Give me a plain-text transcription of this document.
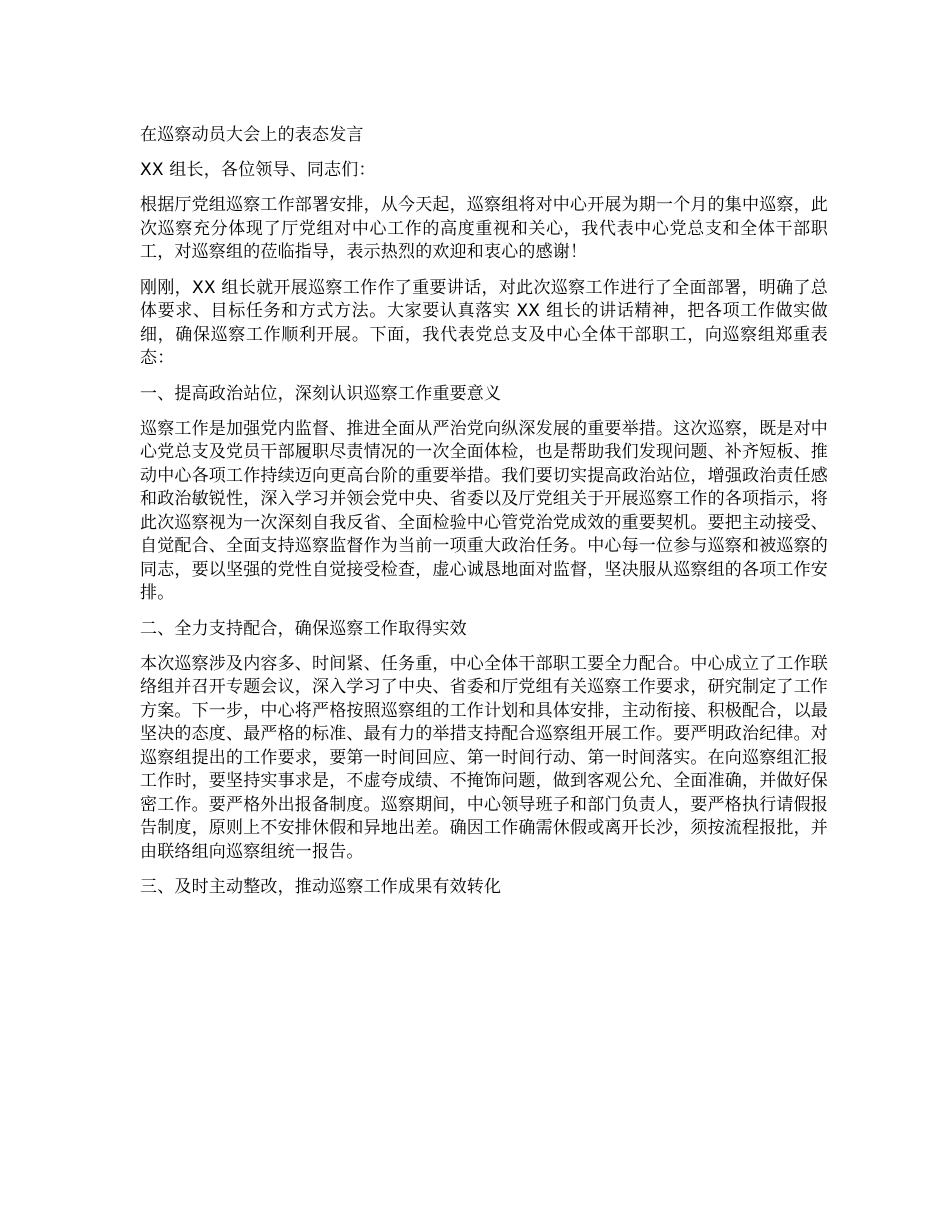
在巡察动员大会上的表态发言
XX 组长，各位领导、同志们：
根据厅党组巡察工作部署安排，从今天起，巡察组将对中心开展为期一个月的集中巡察，此次巡察充分体现了厅党组对中心工作的高度重视和关心，我代表中心党总支和全体干部职工，对巡察组的莅临指导，表示热烈的欢迎和衷心的感谢！
刚刚，XX 组长就开展巡察工作作了重要讲话，对此次巡察工作进行了全面部署，明确了总体要求、目标任务和方式方法。大家要认真落实 XX 组长的讲话精神，把各项工作做实做细，确保巡察工作顺利开展。下面，我代表党总支及中心全体干部职工，向巡察组郑重表态：
一、提高政治站位，深刻认识巡察工作重要意义
巡察工作是加强党内监督、推进全面从严治党向纵深发展的重要举措。这次巡察，既是对中心党总支及党员干部履职尽责情况的一次全面体检，也是帮助我们发现问题、补齐短板、推动中心各项工作持续迈向更高台阶的重要举措。我们要切实提高政治站位，增强政治责任感和政治敏锐性，深入学习并领会党中央、省委以及厅党组关于开展巡察工作的各项指示，将此次巡察视为一次深刻自我反省、全面检验中心管党治党成效的重要契机。要把主动接受、自觉配合、全面支持巡察监督作为当前一项重大政治任务。中心每一位参与巡察和被巡察的同志，要以坚强的党性自觉接受检查，虚心诚恳地面对监督，坚决服从巡察组的各项工作安排。
二、全力支持配合，确保巡察工作取得实效
本次巡察涉及内容多、时间紧、任务重，中心全体干部职工要全力配合。中心成立了工作联络组并召开专题会议，深入学习了中央、省委和厅党组有关巡察工作要求，研究制定了工作方案。下一步，中心将严格按照巡察组的工作计划和具体安排，主动衔接、积极配合，以最坚决的态度、最严格的标准、最有力的举措支持配合巡察组开展工作。要严明政治纪律。对巡察组提出的工作要求，要第一时间回应、第一时间行动、第一时间落实。在向巡察组汇报工作时，要坚持实事求是，不虚夸成绩、不掩饰问题，做到客观公允、全面准确，并做好保密工作。要严格外出报备制度。巡察期间，中心领导班子和部门负责人，要严格执行请假报告制度，原则上不安排休假和异地出差。确因工作确需休假或离开长沙，须按流程报批，并由联络组向巡察组统一报告。
三、及时主动整改，推动巡察工作成果有效转化
